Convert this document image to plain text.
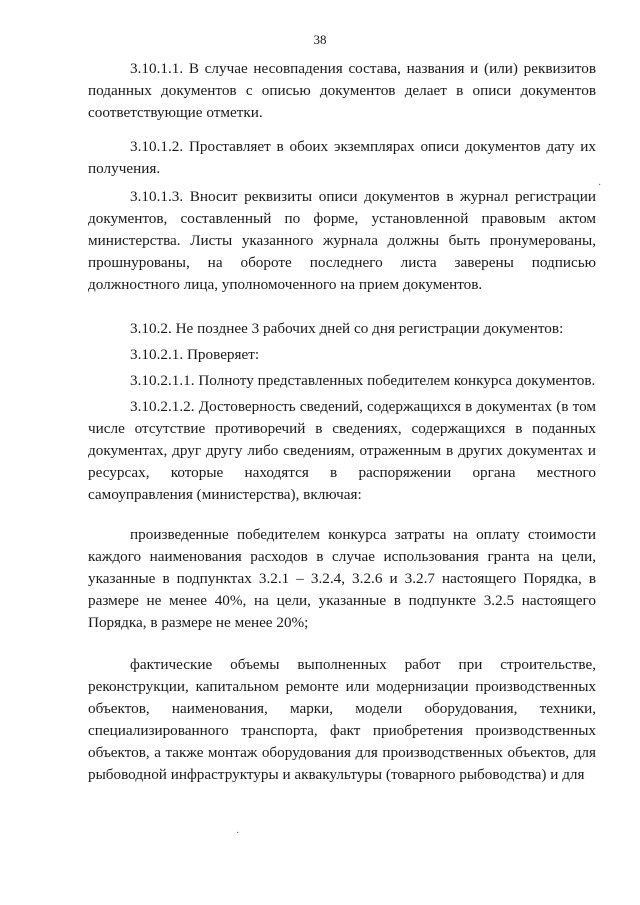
38

3.10.1.1. В случае несовпадения состава, названия и (или) реквизитов поданных документов с описью документов делает в описи документов соответствующие отметки.

3.10.1.2. Проставляет в обоих экземплярах описи документов дату их получения.

3.10.1.3. Вносит реквизиты описи документов в журнал регистрации документов, составленный по форме, установленной правовым актом министерства. Листы указанного журнала должны быть пронумерованы, прошнурованы, на обороте последнего листа заверены подписью должностного лица, уполномоченного на прием документов.

3.10.2. Не позднее 3 рабочих дней со дня регистрации документов:

3.10.2.1. Проверяет:

3.10.2.1.1. Полноту представленных победителем конкурса документов.

3.10.2.1.2. Достоверность сведений, содержащихся в документах (в том числе отсутствие противоречий в сведениях, содержащихся в поданных документах, друг другу либо сведениям, отраженным в других документах и ресурсах, которые находятся в распоряжении органа местного самоуправления (министерства), включая:

произведенные победителем конкурса затраты на оплату стоимости каждого наименования расходов в случае использования гранта на цели, указанные в подпунктах 3.2.1 – 3.2.4, 3.2.6 и 3.2.7 настоящего Порядка, в размере не менее 40%, на цели, указанные в подпункте 3.2.5 настоящего Порядка, в размере не менее 20%;

фактические объемы выполненных работ при строительстве, реконструкции, капитальном ремонте или модернизации производственных объектов, наименования, марки, модели оборудования, техники, специализированного транспорта, факт приобретения производственных объектов, а также монтаж оборудования для производственных объектов, для рыбоводной инфраструктуры и аквакультуры (товарного рыбоводства) и для

·
·
